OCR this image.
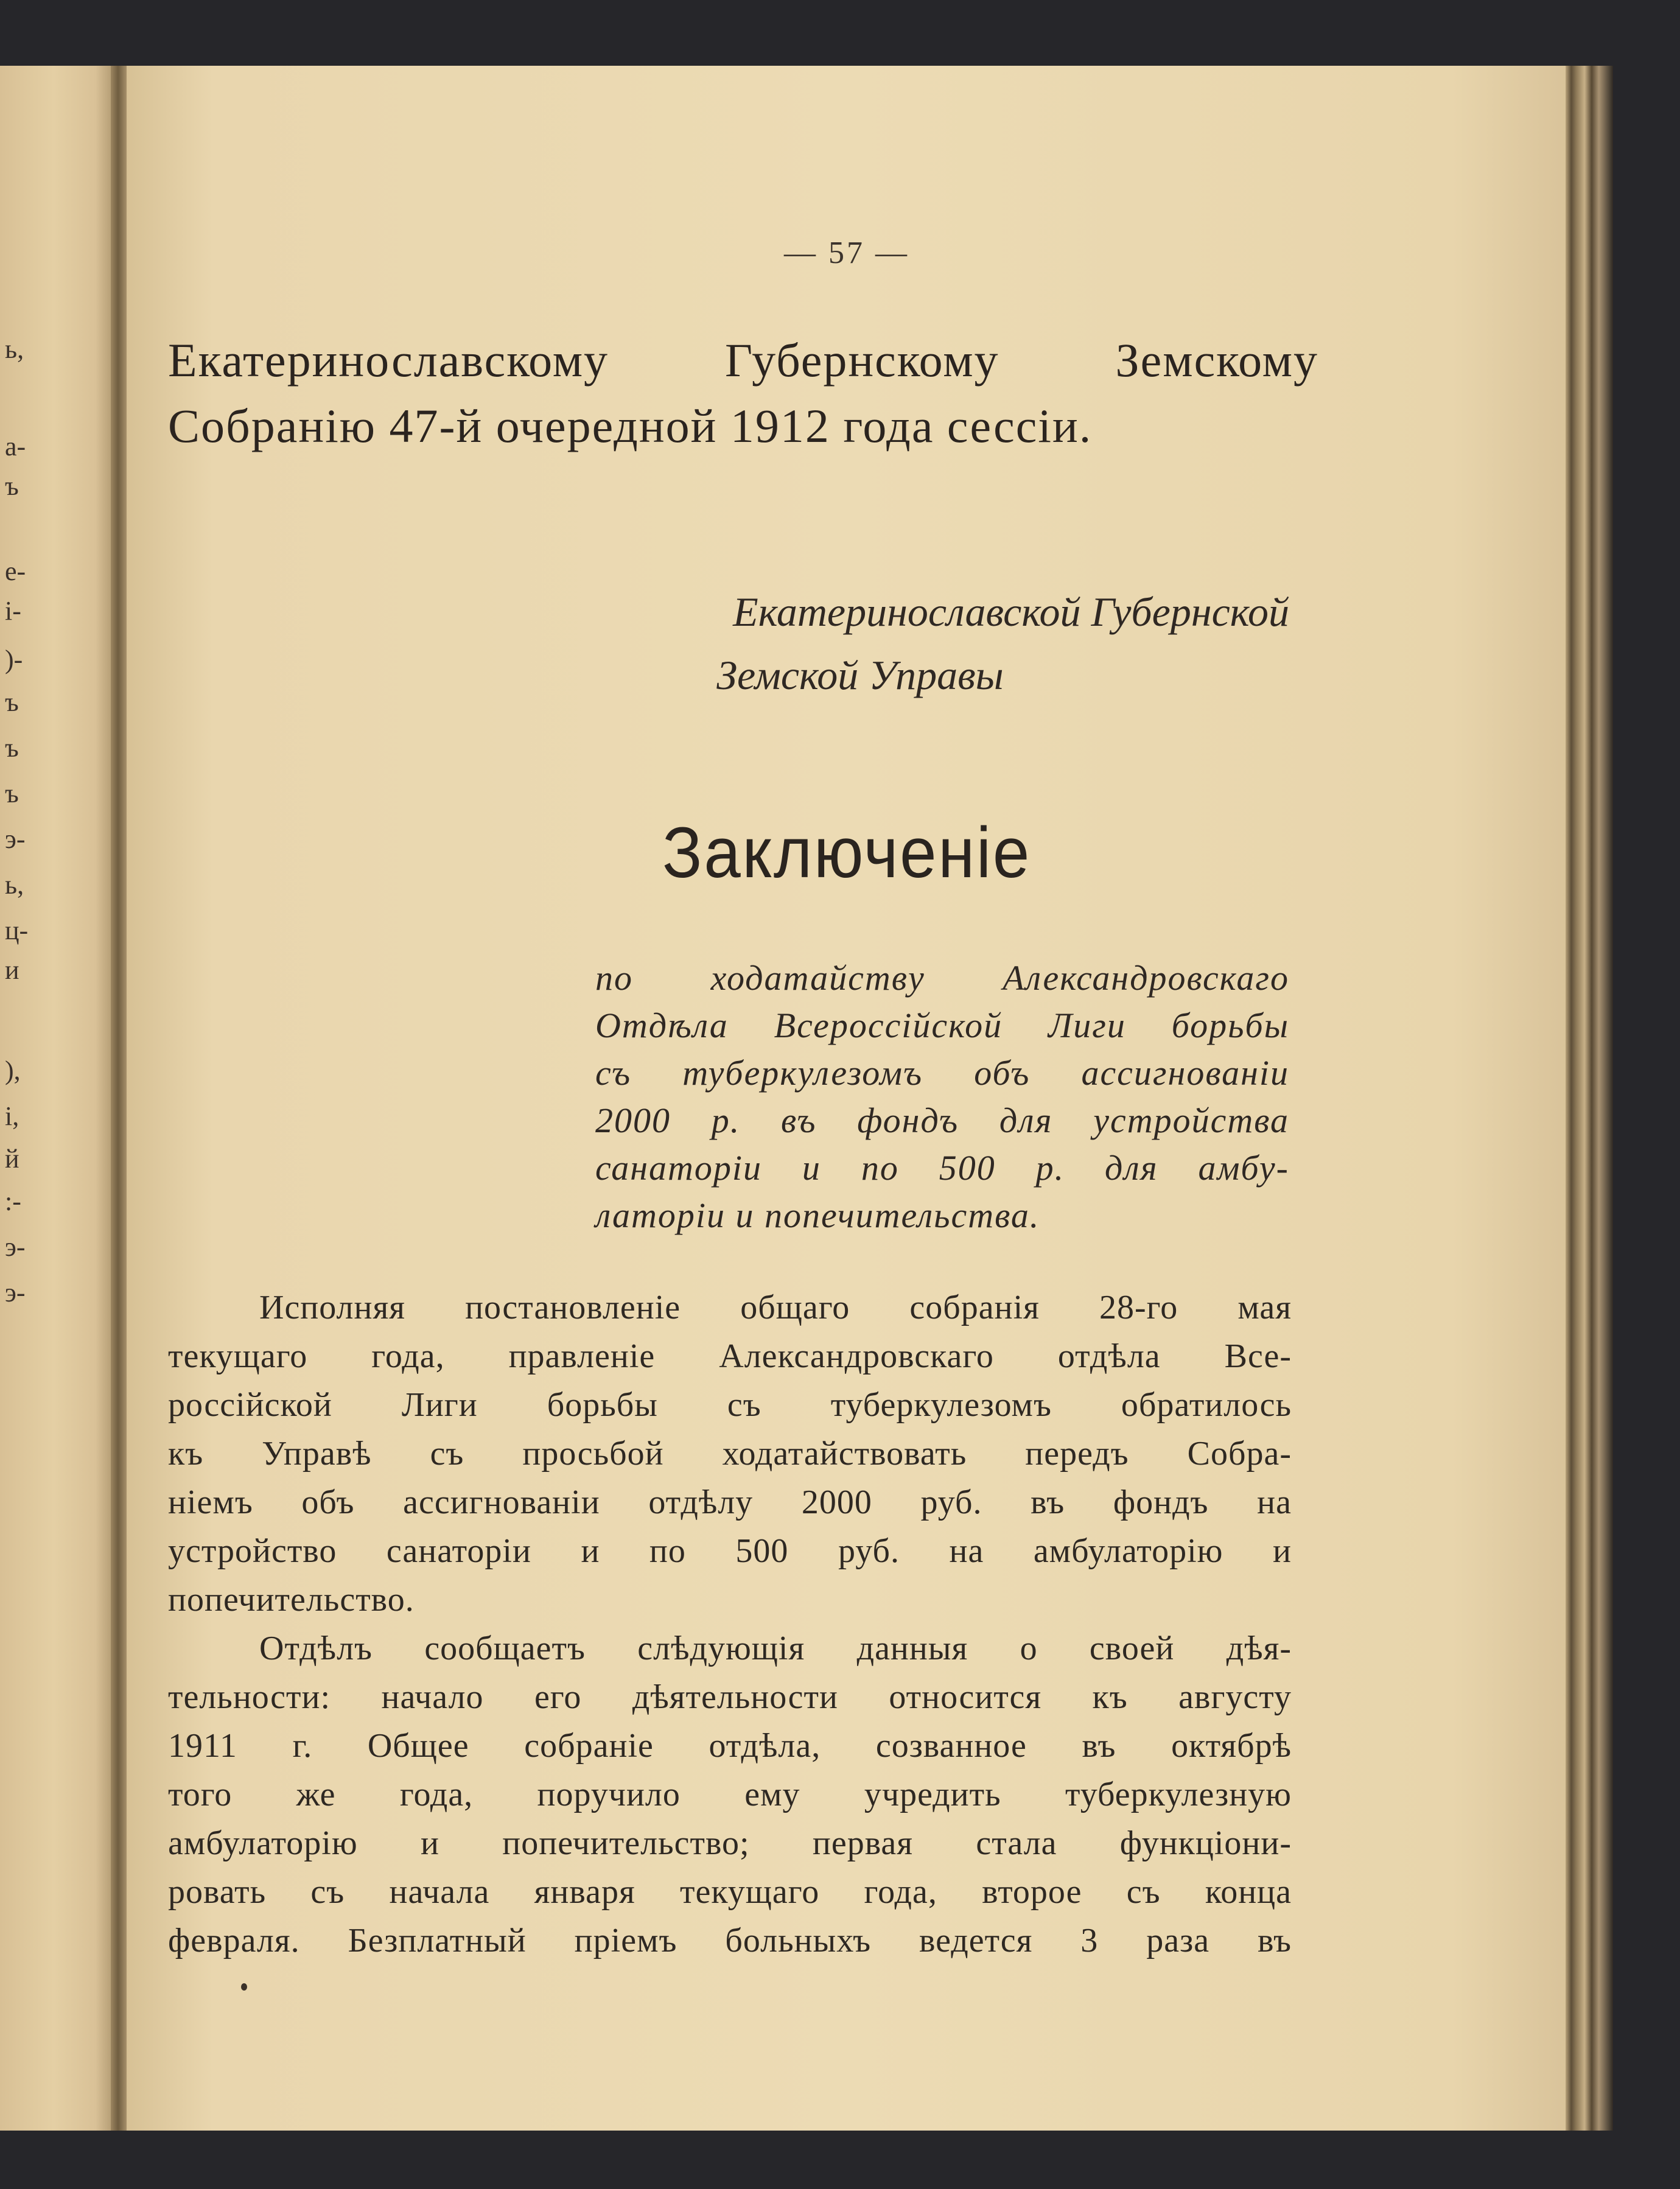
ь,
а-
ъ
е-
і-
)-
ъ
ъ
ъ
э-
ь,
ц-
и
),
і,
й
:-
э-
э-
— 57 —
Екатеринославскому Губернскому Земскому Собранію 47-й очередной 1912 года сессіи.
Екатеринославской Губернской
Земской Управы
Заключеніе
по ходатайству Александровскаго
Отдѣла Всероссійской Лиги борьбы
съ туберкулезомъ объ ассигнованіи
2000 р. въ фондъ для устройства
санаторіи и по 500 р. для амбу-
латоріи и попечительства.
Исполняя постановленіе общаго собранія 28-го мая
текущаго года, правленіе Александровскаго отдѣла Все-
россійской Лиги борьбы съ туберкулезомъ обратилось
къ Управѣ съ просьбой ходатайствовать передъ Собра-
ніемъ объ ассигнованіи отдѣлу 2000 руб. въ фондъ на
устройство санаторіи и по 500 руб. на амбулаторію и
попечительство.
Отдѣлъ сообщаетъ слѣдующія данныя о своей дѣя-
тельности: начало его дѣятельности относится къ августу
1911 г. Общее собраніе отдѣла, созванное въ октябрѣ
того же года, поручило ему учредить туберкулезную
амбулаторію и попечительство; первая стала функціони-
ровать съ начала января текущаго года, второе съ конца
февраля. Безплатный пріемъ больныхъ ведется 3 раза въ
